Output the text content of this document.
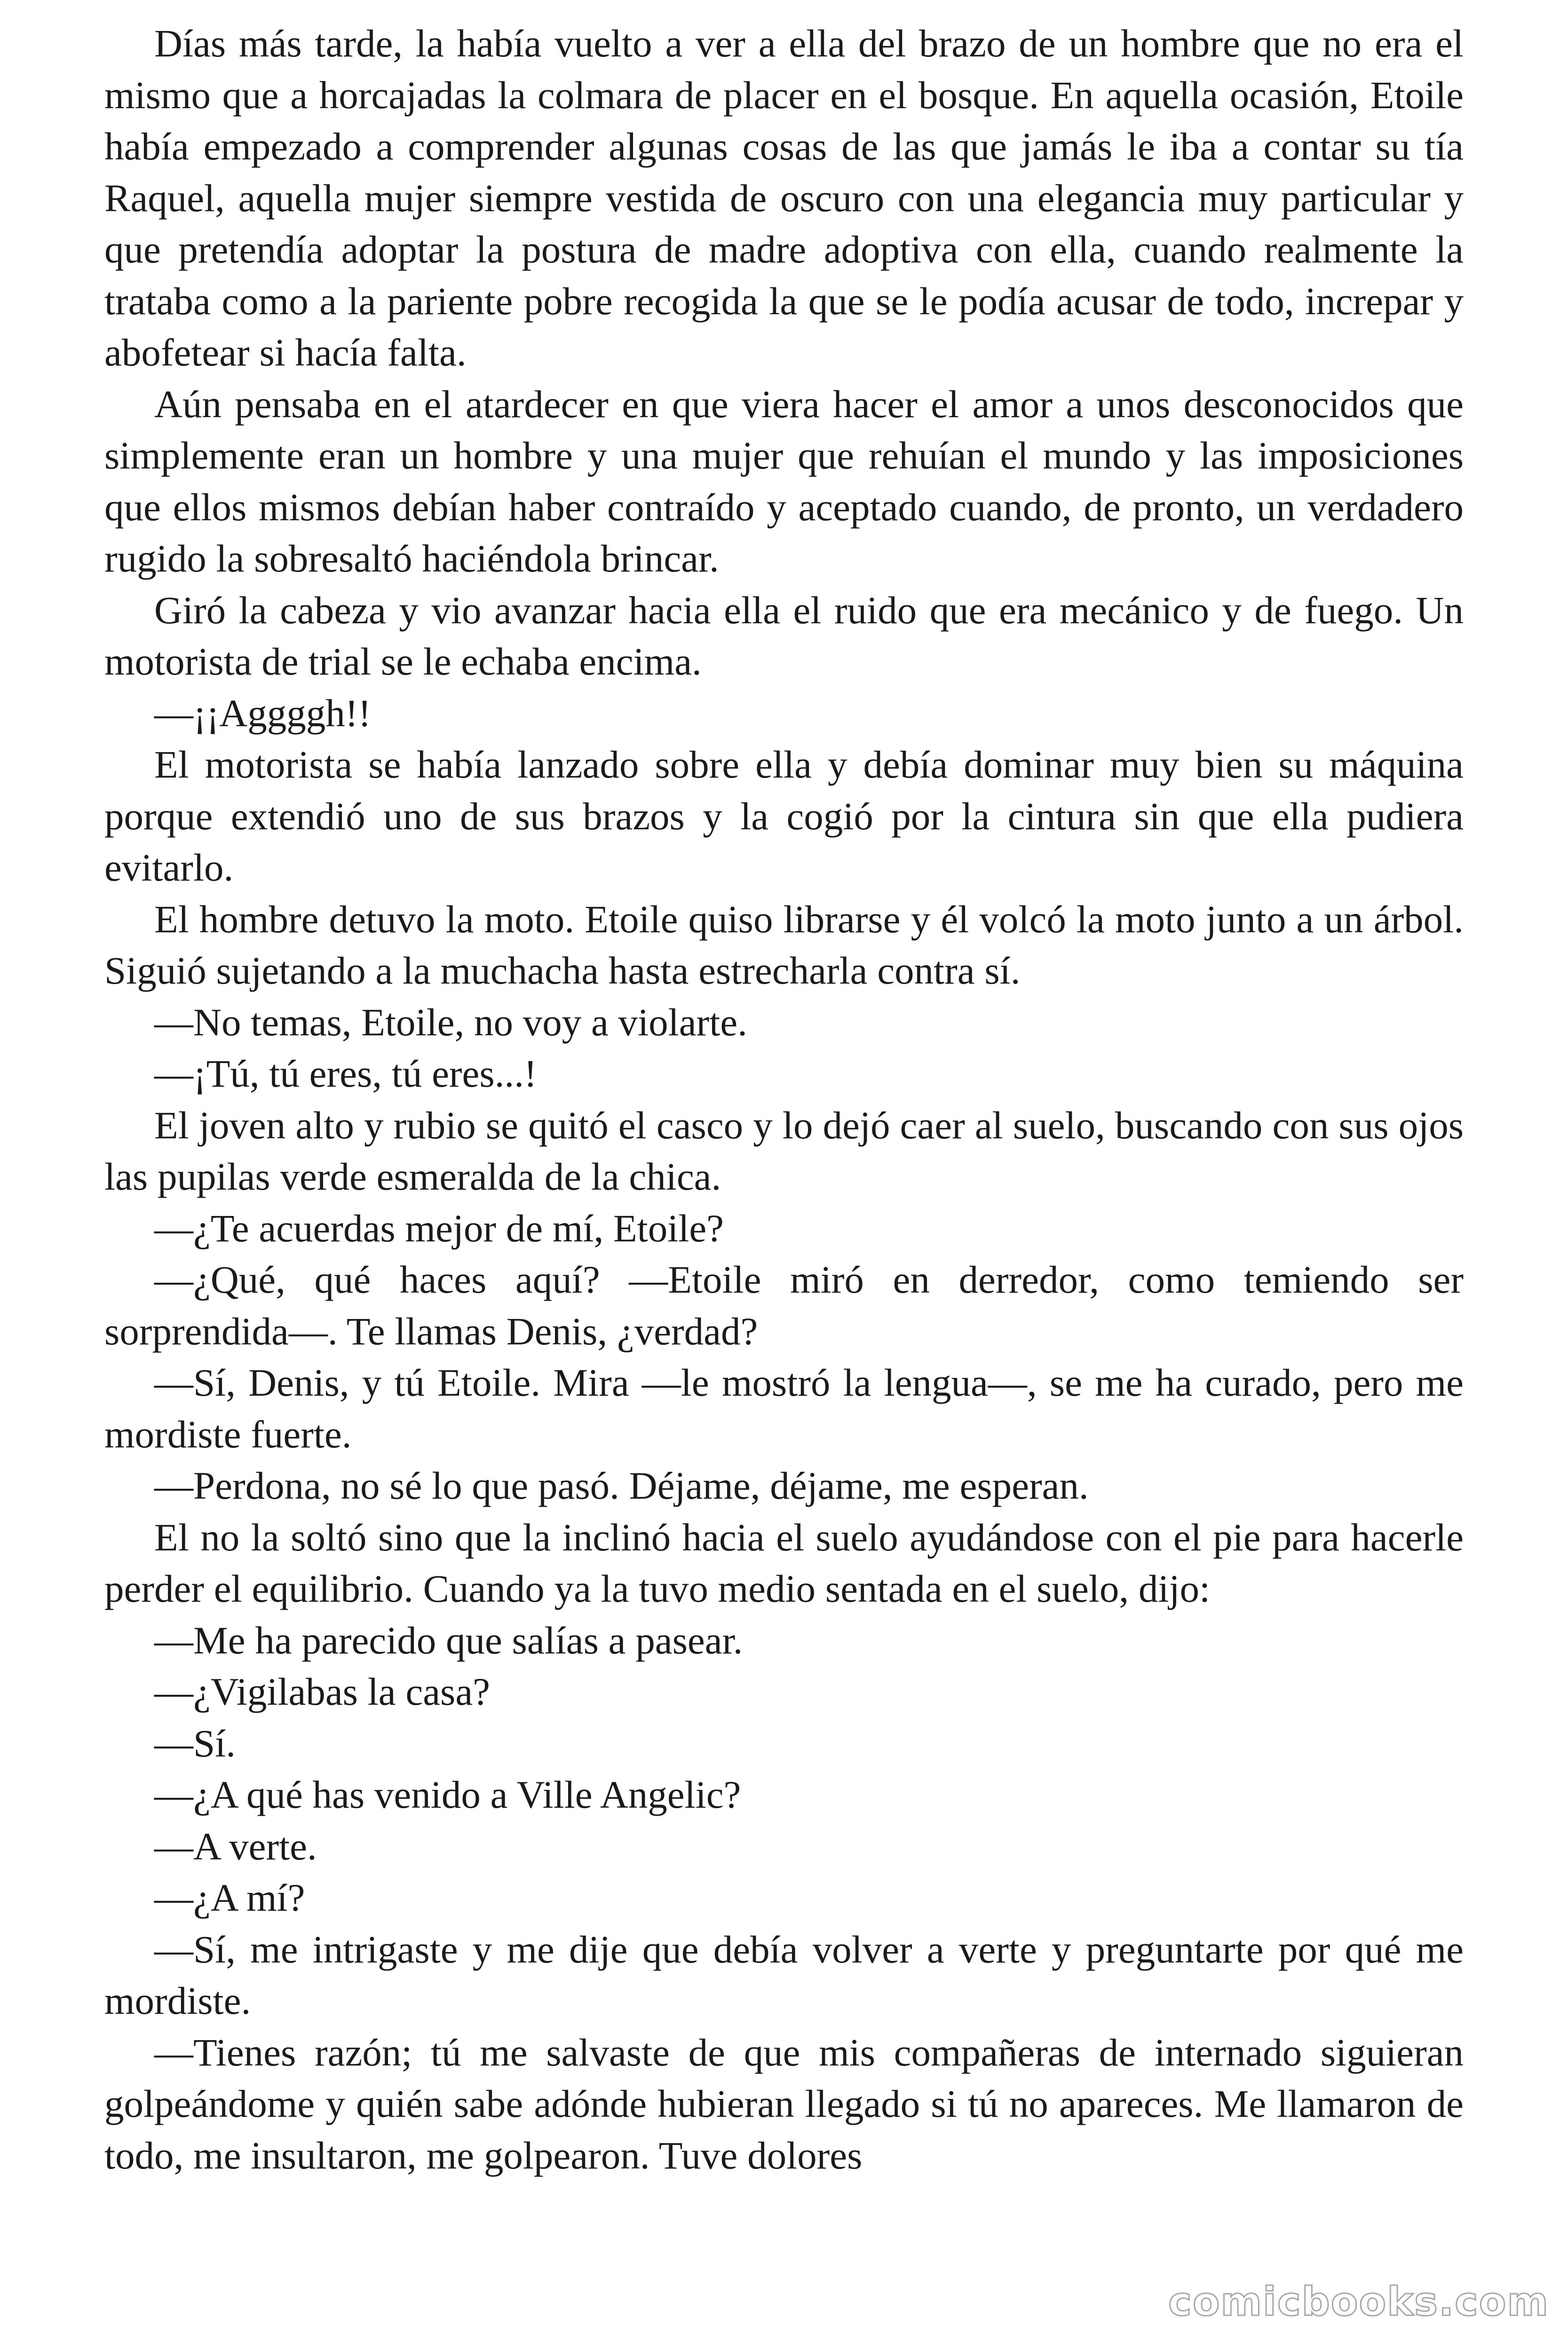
Días más tarde, la había vuelto a ver a ella del brazo de un hombre que no era el mismo que a horcajadas la colmara de placer en el bosque. En aquella ocasión, Etoile había empezado a comprender algunas cosas de las que jamás le iba a contar su tía Raquel, aquella mujer siempre vestida de oscuro con una elegancia muy particular y que pretendía adoptar la postura de madre adoptiva con ella, cuando realmente la trataba como a la pariente pobre recogida la que se le podía acusar de todo, increpar y abofetear si hacía falta.

Aún pensaba en el atardecer en que viera hacer el amor a unos desconocidos que simplemente eran un hombre y una mujer que rehuían el mundo y las imposiciones que ellos mismos debían haber contraído y aceptado cuando, de pronto, un verdadero rugido la sobresaltó haciéndola brincar.

Giró la cabeza y vio avanzar hacia ella el ruido que era mecánico y de fuego. Un motorista de trial se le echaba encima.

—¡¡Aggggh!!

El motorista se había lanzado sobre ella y debía dominar muy bien su máquina porque extendió uno de sus brazos y la cogió por la cintura sin que ella pudiera evitarlo.

El hombre detuvo la moto. Etoile quiso librarse y él volcó la moto junto a un árbol. Siguió sujetando a la muchacha hasta estrecharla contra sí.

—No temas, Etoile, no voy a violarte.

—¡Tú, tú eres, tú eres...!

El joven alto y rubio se quitó el casco y lo dejó caer al suelo, buscando con sus ojos las pupilas verde esmeralda de la chica.

—¿Te acuerdas mejor de mí, Etoile?

—¿Qué, qué haces aquí? —Etoile miró en derredor, como temiendo ser sorprendida—. Te llamas Denis, ¿verdad?

—Sí, Denis, y tú Etoile. Mira —le mostró la lengua—, se me ha curado, pero me mordiste fuerte.

—Perdona, no sé lo que pasó. Déjame, déjame, me esperan.

El no la soltó sino que la inclinó hacia el suelo ayudándose con el pie para hacerle perder el equilibrio. Cuando ya la tuvo medio sentada en el suelo, dijo:

—Me ha parecido que salías a pasear.

—¿Vigilabas la casa?

—Sí.

—¿A qué has venido a Ville Angelic?

—A verte.

—¿A mí?

—Sí, me intrigaste y me dije que debía volver a verte y preguntarte por qué me mordiste.

—Tienes razón; tú me salvaste de que mis compañeras de internado siguieran golpeándome y quién sabe adónde hubieran llegado si tú no apareces. Me llamaron de todo, me insultaron, me golpearon. Tuve dolores

comicbooks.com
